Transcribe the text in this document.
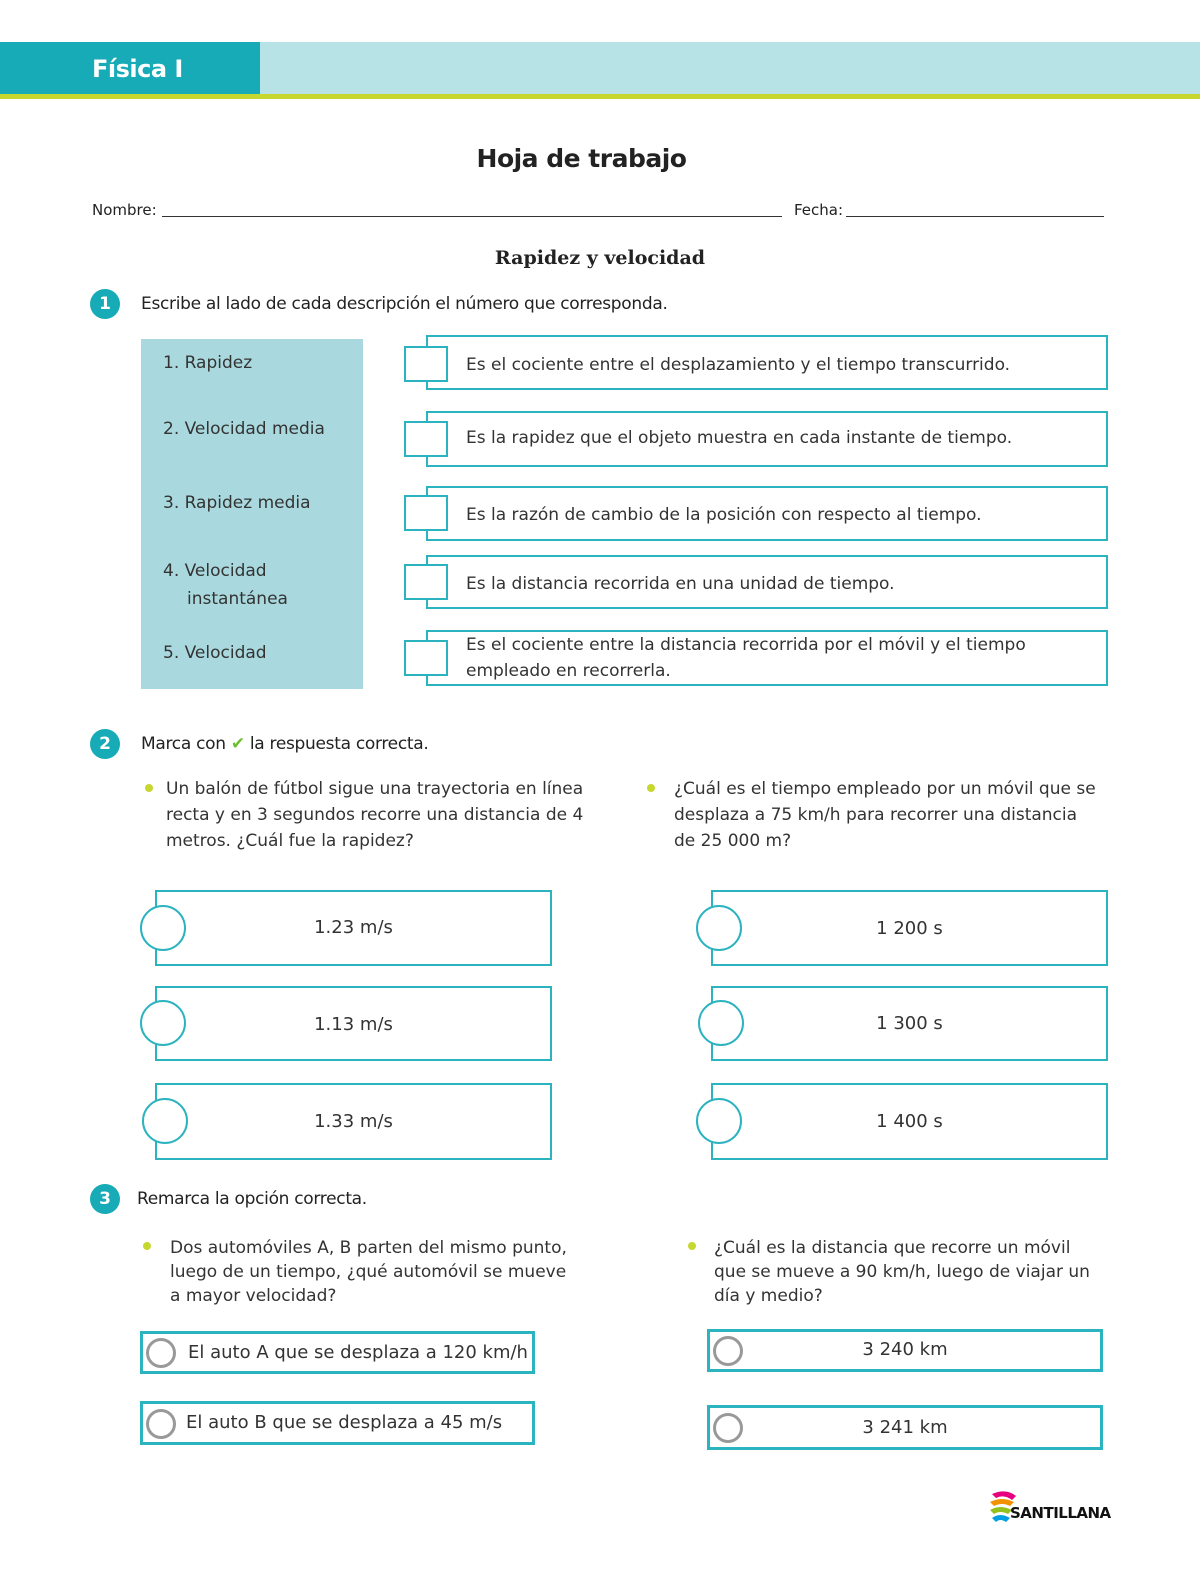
Física I
Hoja de trabajo
Nombre:	Fecha:
Rapidez y velocidad
1	Escribe al lado de cada descripción el número que corresponda.
1. Rapidez
2. Velocidad media
3. Rapidez media
4. Velocidad
instantánea
5. Velocidad
Es el cociente entre el desplazamiento y el tiempo transcurrido.
Es la rapidez que el objeto muestra en cada instante de tiempo.
Es la razón de cambio de la posición con respecto al tiempo.
Es la distancia recorrida en una unidad de tiempo.
Es el cociente entre la distancia recorrida por el móvil y el tiempo
empleado en recorrerla.
2	Marca con ✔ la respuesta correcta.
Un balón de fútbol sigue una trayectoria en línea
recta y en 3 segundos recorre una distancia de 4
metros. ¿Cuál fue la rapidez?
¿Cuál es el tiempo empleado por un móvil que se
desplaza a 75 km/h para recorrer una distancia
de 25 000 m?
1.23 m/s
1.13 m/s
1.33 m/s
1 200 s
1 300 s
1 400 s
3	Remarca la opción correcta.
Dos automóviles A, B parten del mismo punto,
luego de un tiempo, ¿qué automóvil se mueve
a mayor velocidad?
¿Cuál es la distancia que recorre un móvil
que se mueve a 90 km/h, luego de viajar un
día y medio?
El auto A que se desplaza a 120 km/h
El auto B que se desplaza a 45 m/s
3 240 km
3 241 km
SANTILLANA
